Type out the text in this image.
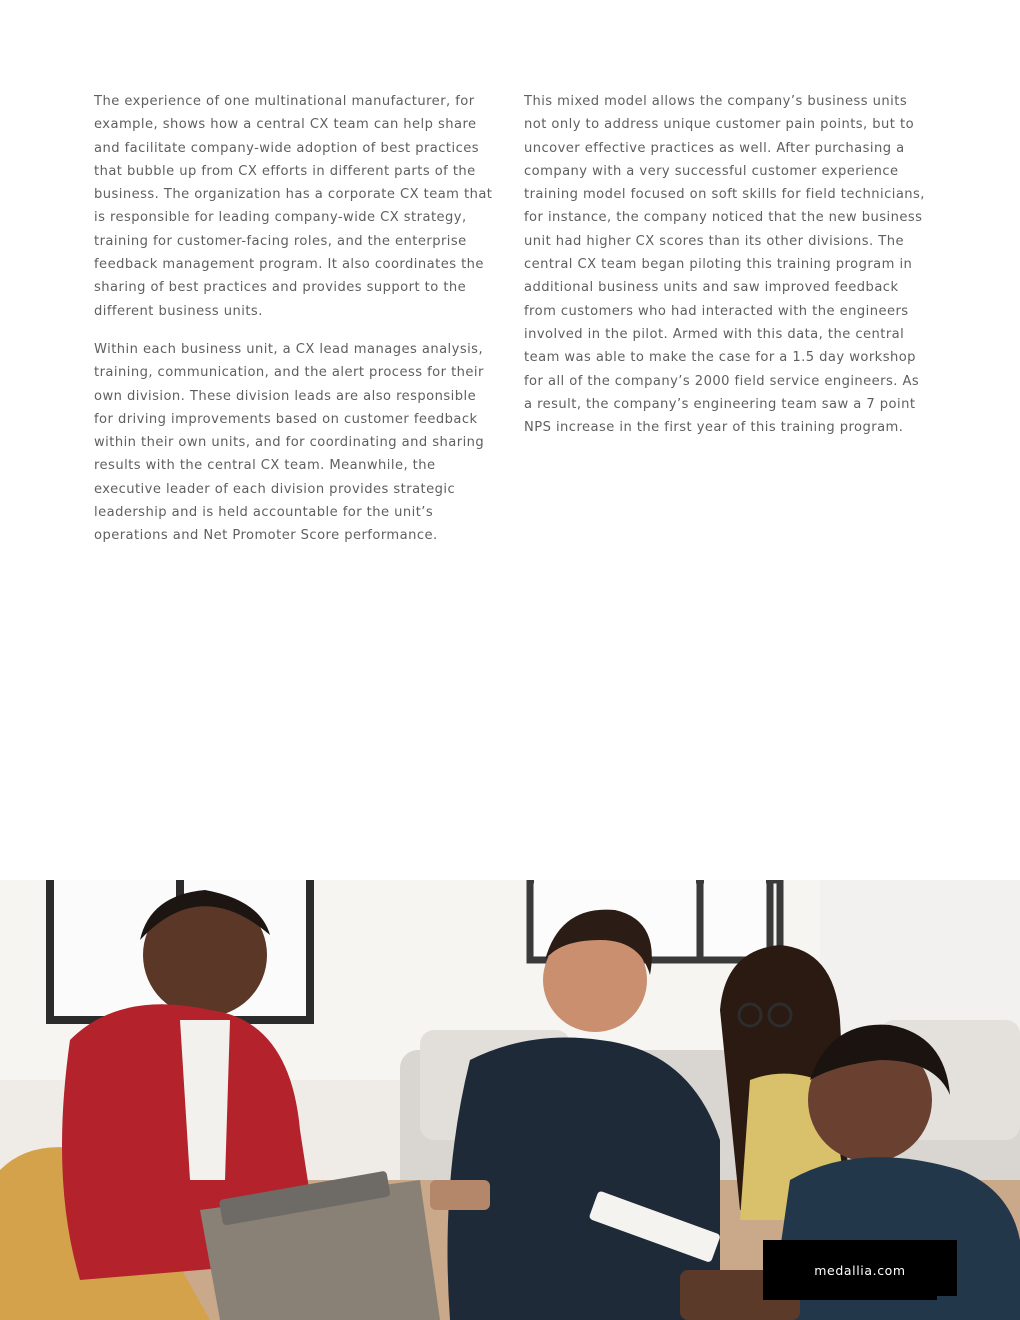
The experience of one multinational manufacturer, for example, shows how a central CX team can help share and facilitate company-wide adoption of best practices that bubble up from CX efforts in different parts of the business. The organization has a corporate CX team that is responsible for leading company-wide CX strategy, training for customer-facing roles, and the enterprise feedback management program. It also coordinates the sharing of best practices and provides support to the different business units.

Within each business unit, a CX lead manages analysis, training, communication, and the alert process for their own division. These division leads are also responsible for driving improvements based on customer feedback within their own units, and for coordinating and sharing results with the central CX team. Meanwhile, the executive leader of each division provides strategic leadership and is held accountable for the unit’s operations and Net Promoter Score performance.

This mixed model allows the company’s business units not only to address unique customer pain points, but to uncover effective practices as well. After purchasing a company with a very successful customer experience training model focused on soft skills for field technicians, for instance, the company noticed that the new business unit had higher CX scores than its other divisions. The central CX team began piloting this training program in additional business units and saw improved feedback from customers who had interacted with the engineers involved in the pilot. Armed with this data, the central team was able to make the case for a 1.5 day workshop for all of the company’s 2000 field service engineers. As a result, the company’s engineering team saw a 7 point NPS increase in the first year of this training program.

medallia.com
